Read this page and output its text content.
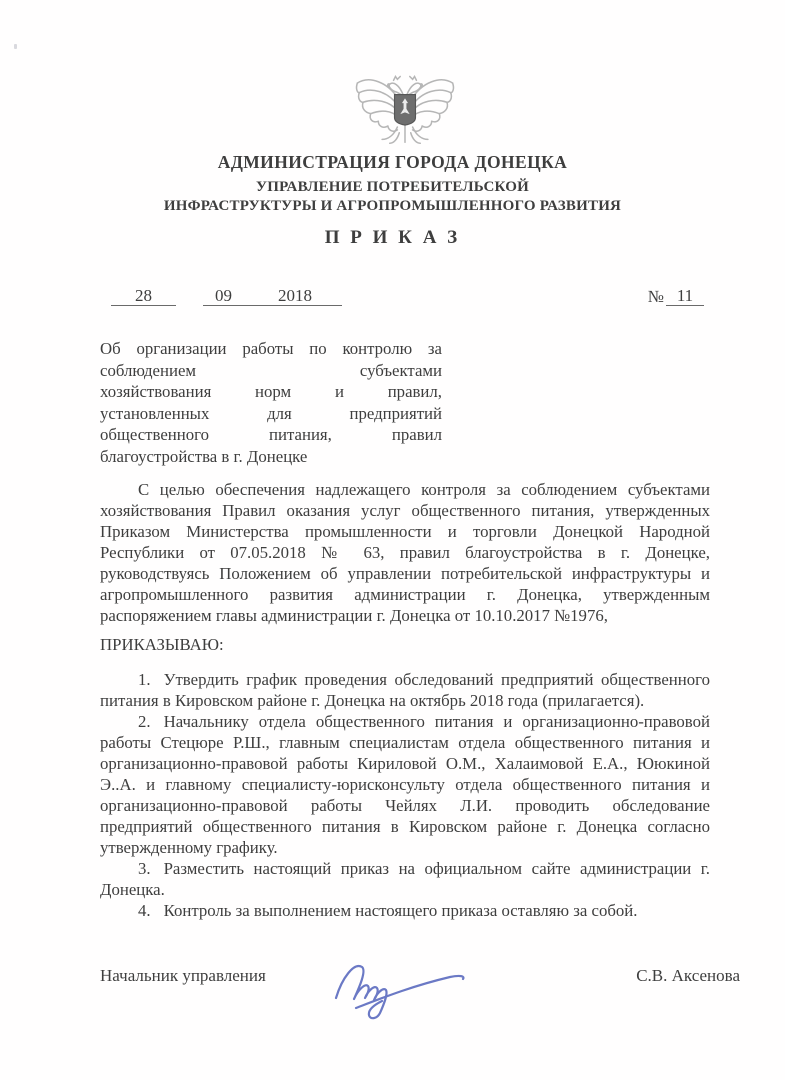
АДМИНИСТРАЦИЯ ГОРОДА ДОНЕЦКА
УПРАВЛЕНИЕ ПОТРЕБИТЕЛЬСКОЙ
ИНФРАСТРУКТУРЫ И АГРОПРОМЫШЛЕННОГО РАЗВИТИЯ
П Р И К А З
28	09	2018	№ 11
Об организации работы по контролю за
соблюдением субъектами
хозяйствования норм и правил,
установленных для предприятий
общественного питания, правил
благоустройства в г. Донецке

С целью обеспечения надлежащего контроля за соблюдением субъектами хозяйствования Правил оказания услуг общественного питания, утвержденных Приказом Министерства промышленности и торговли Донецкой Народной Республики от 07.05.2018 № 63, правил благоустройства в г. Донецке, руководствуясь Положением об управлении потребительской инфраструктуры и агропромышленного развития администрации г. Донецка, утвержденным распоряжением главы администрации г. Донецка от 10.10.2017 №1976,

ПРИКАЗЫВАЮ:

1. Утвердить график проведения обследований предприятий общественного питания в Кировском районе г. Донецка на октябрь 2018 года (прилагается).

2. Начальнику отдела общественного питания и организационно-правовой работы Стецюре Р.Ш., главным специалистам отдела общественного питания и организационно-правовой работы Кириловой О.М., Халаимовой Е.А., Ююкиной Э..А. и главному специалисту-юрисконсульту отдела общественного питания и организационно-правовой работы Чейлях Л.И. проводить обследование предприятий общественного питания в Кировском районе г. Донецка согласно утвержденному графику.

3. Разместить настоящий приказ на официальном сайте администрации г. Донецка.

4. Контроль за выполнением настоящего приказа оставляю за собой.

Начальник управления	С.В. Аксенова
